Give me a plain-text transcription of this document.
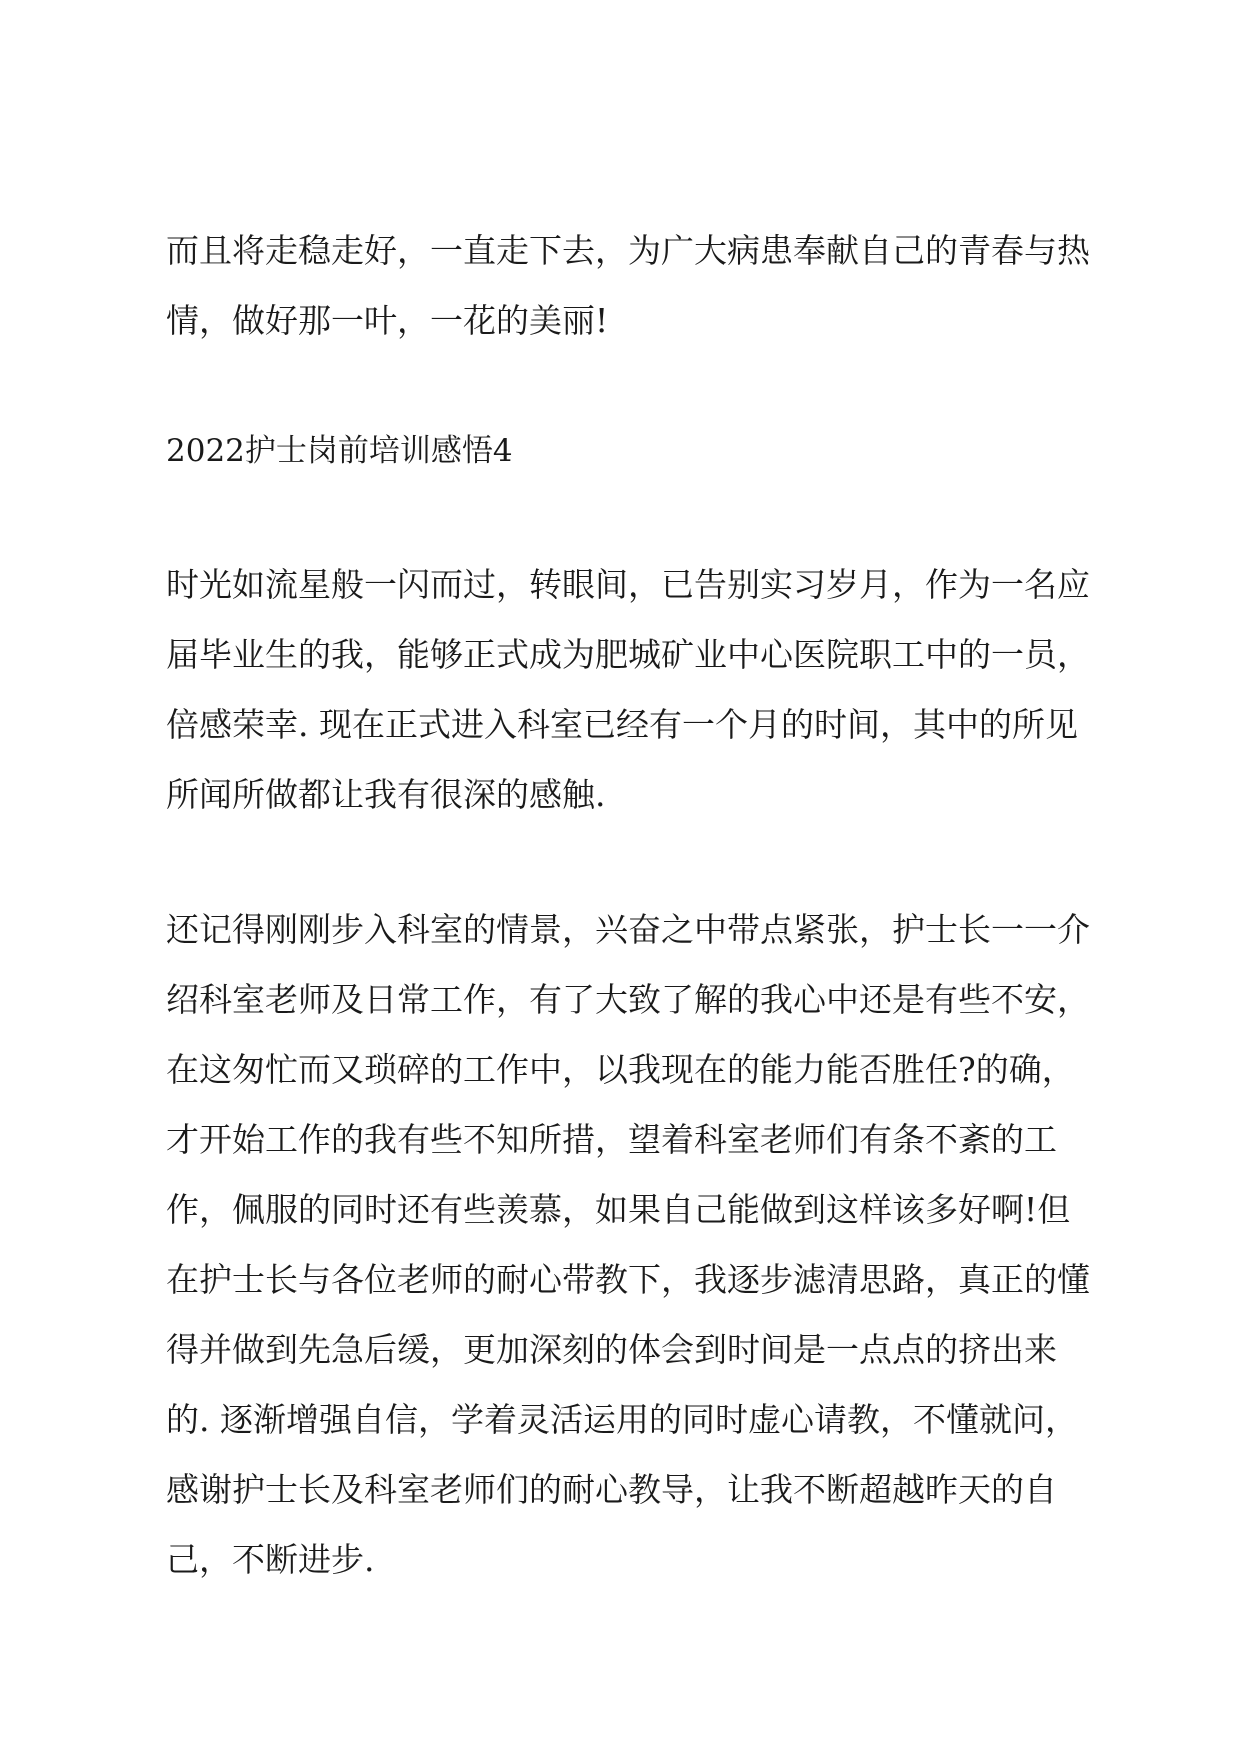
而且将走稳走好，一直走下去，为广大病患奉献自己的青春与热
情，做好那一叶，一花的美丽!
2022护士岗前培训感悟4
时光如流星般一闪而过，转眼间，已告别实习岁月，作为一名应
届毕业生的我，能够正式成为肥城矿业中心医院职工中的一员，
倍感荣幸. 现在正式进入科室已经有一个月的时间，其中的所见
所闻所做都让我有很深的感触.
还记得刚刚步入科室的情景，兴奋之中带点紧张，护士长一一介
绍科室老师及日常工作，有了大致了解的我心中还是有些不安，
在这匆忙而又琐碎的工作中，以我现在的能力能否胜任?的确，
才开始工作的我有些不知所措，望着科室老师们有条不紊的工
作，佩服的同时还有些羡慕，如果自己能做到这样该多好啊!但
在护士长与各位老师的耐心带教下，我逐步滤清思路，真正的懂
得并做到先急后缓，更加深刻的体会到时间是一点点的挤出来
的. 逐渐增强自信，学着灵活运用的同时虚心请教，不懂就问，
感谢护士长及科室老师们的耐心教导，让我不断超越昨天的自
己，不断进步.
